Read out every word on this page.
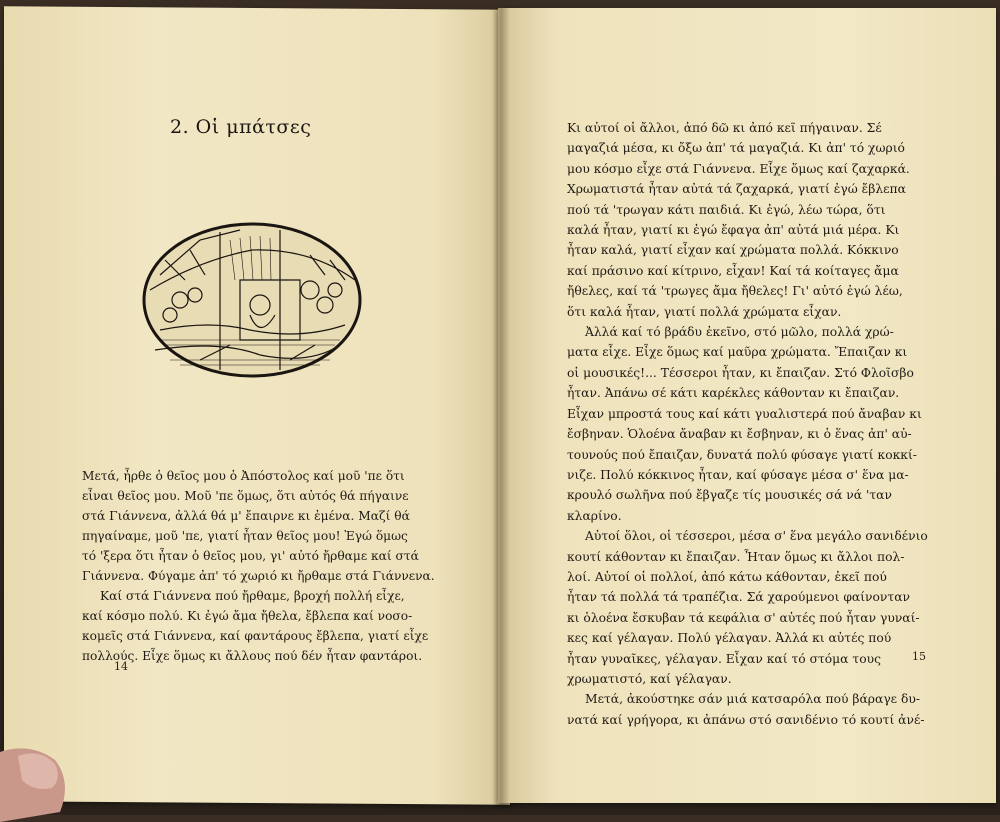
2. Οἱ μπάτσες
Μετά, ἦρθε ὁ θεῖος μου ὁ Ἀπόστολος καί μοῦ 'πε ὅτι
εἶναι θεῖος μου. Μοῦ 'πε ὅμως, ὅτι αὐτός θά πήγαινε
στά Γιάννενα, ἀλλά θά μ' ἔπαιρνε κι ἐμένα. Μαζί θά
πηγαίναμε, μοῦ 'πε, γιατί ἦταν θεῖος μου! Ἐγώ ὅμως
τό 'ξερα ὅτι ἦταν ὁ θεῖος μου, γι' αὐτό ἤρθαμε καί στά
Γιάννενα. Φύγαμε ἀπ' τό χωριό κι ἤρθαμε στά Γιάννενα.
Καί στά Γιάννενα πού ἤρθαμε, βροχή πολλή εἶχε,
καί κόσμο πολύ. Κι ἐγώ ἄμα ἤθελα, ἔβλεπα καί νοσο-
κομεῖς στά Γιάννενα, καί φαντάρους ἔβλεπα, γιατί εἶχε
πολλούς. Εἶχε ὅμως κι ἄλλους πού δέν ἦταν φαντάροι.
14
Κι αὐτοί οἱ ἄλλοι, ἀπό δῶ κι ἀπό κεῖ πήγαιναν. Σέ
μαγαζιά μέσα, κι ὄξω ἀπ' τά μαγαζιά. Κι ἀπ' τό χωριό
μου κόσμο εἶχε στά Γιάννενα. Εἶχε ὅμως καί ζαχαρκά.
Χρωματιστά ἦταν αὐτά τά ζαχαρκά, γιατί ἐγώ ἔβλεπα
πού τά 'τρωγαν κάτι παιδιά. Κι ἐγώ, λέω τώρα, ὅτι
καλά ἦταν, γιατί κι ἐγώ ἔφαγα ἀπ' αὐτά μιά μέρα. Κι
ἦταν καλά, γιατί εἶχαν καί χρώματα πολλά. Κόκκινο
καί πράσινο καί κίτρινο, εἶχαν! Καί τά κοίταγες ἄμα
ἤθελες, καί τά 'τρωγες ἄμα ἤθελες! Γι' αὐτό ἐγώ λέω,
ὅτι καλά ἦταν, γιατί πολλά χρώματα εἶχαν.
Ἀλλά καί τό βράδυ ἐκεῖνο, στό μῶλο, πολλά χρώ-
ματα εἶχε. Εἶχε ὅμως καί μαῦρα χρώματα. Ἔπαιζαν κι
οἱ μουσικές!... Τέσσεροι ἦταν, κι ἔπαιζαν. Στό Φλοῖσβο
ἦταν. Ἀπάνω σέ κάτι καρέκλες κάθονταν κι ἔπαιζαν.
Εἶχαν μπροστά τους καί κάτι γυαλιστερά πού ἄναβαν κι
ἔσβηναν. Ὁλοένα ἄναβαν κι ἔσβηναν, κι ὁ ἕνας ἀπ' αὐ-
τουνούς πού ἔπαιζαν, δυνατά πολύ φύσαγε γιατί κοκκί-
νιζε. Πολύ κόκκινος ἦταν, καί φύσαγε μέσα σ' ἕνα μα-
κρουλό σωλῆνα πού ἔβγαζε τίς μουσικές σά νά 'ταν
κλαρίνο.
Αὐτοί ὅλοι, οἱ τέσσεροι, μέσα σ' ἕνα μεγάλο σανιδένιο
κουτί κάθονταν κι ἔπαιζαν. Ἦταν ὅμως κι ἄλλοι πολ-
λοί. Αὐτοί οἱ πολλοί, ἀπό κάτω κάθονταν, ἐκεῖ πού
ἦταν τά πολλά τά τραπέζια. Σά χαρούμενοι φαίνονταν
κι ὁλοένα ἔσκυβαν τά κεφάλια σ' αὐτές πού ἦταν γυναί-
κες καί γέλαγαν. Πολύ γέλαγαν. Ἀλλά κι αὐτές πού
ἦταν γυναῖκες, γέλαγαν. Εἶχαν καί τό στόμα τους
χρωματιστό, καί γέλαγαν.
Μετά, ἀκούστηκε σάν μιά κατσαρόλα πού βάραγε δυ-
νατά καί γρήγορα, κι ἀπάνω στό σανιδένιο τό κουτί ἀνέ-
15
